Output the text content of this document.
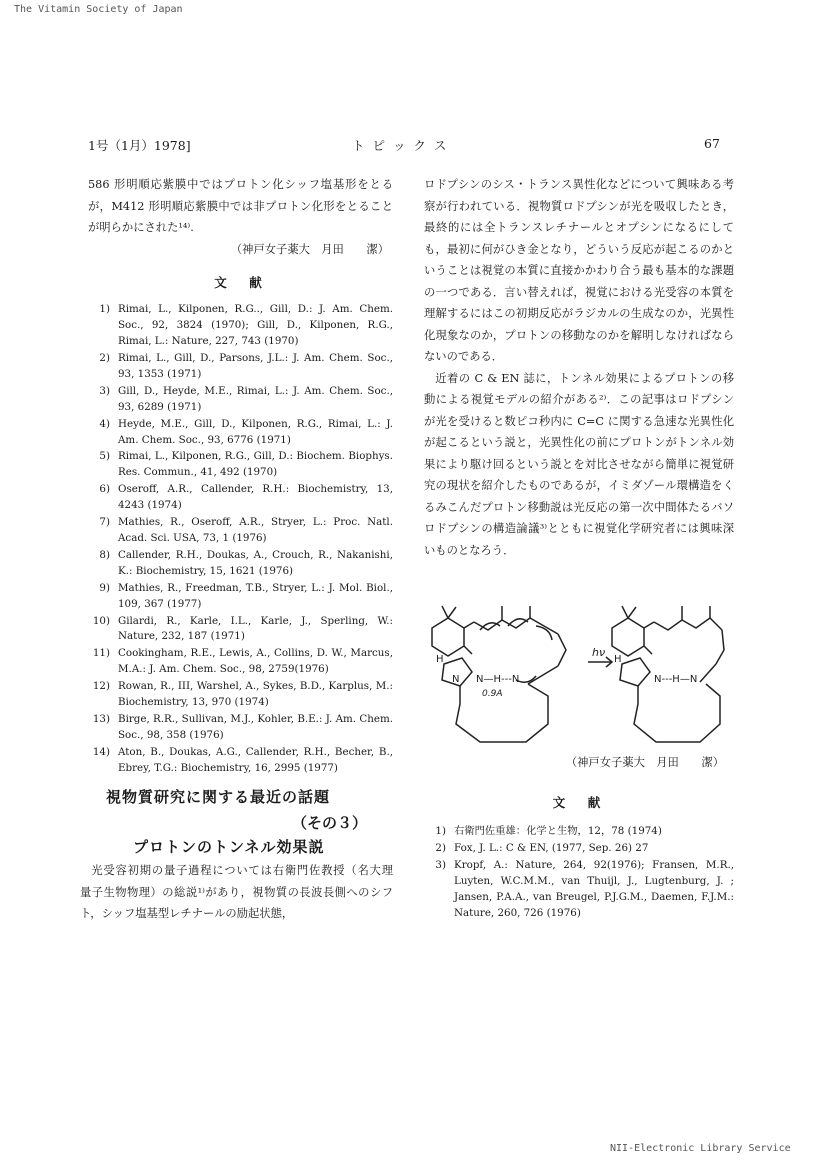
The Vitamin Society of Japan
1号（1月）1978]	ト ピ ッ ク ス	67
586 形明順応紫膜中ではプロトン化シッフ塩基形をとるが，M412 形明順応紫膜中では非プロトン化形をとることが明らかにされた¹⁴⁾.
（神戸女子薬大　月田　　潔）
文　献
1) Rimai, L., Kilponen, R.G.., Gill, D.: J. Am. Chem. Soc., 92, 3824 (1970); Gill, D., Kilponen, R.G., Rimai, L.: Nature, 227, 743 (1970)
2) Rimai, L., Gill, D., Parsons, J.L.: J. Am. Chem. Soc., 93, 1353 (1971)
3) Gill, D., Heyde, M.E., Rimai, L.: J. Am. Chem. Soc., 93, 6289 (1971)
4) Heyde, M.E., Gill, D., Kilponen, R.G., Rimai, L.: J. Am. Chem. Soc., 93, 6776 (1971)
5) Rimai, L., Kilponen, R.G., Gill, D.: Biochem. Biophys. Res. Commun., 41, 492 (1970)
6) Oseroff, A.R., Callender, R.H.: Biochemistry, 13, 4243 (1974)
7) Mathies, R., Oseroff, A.R., Stryer, L.: Proc. Natl. Acad. Sci. USA, 73, 1 (1976)
8) Callender, R.H., Doukas, A., Crouch, R., Nakanishi, K.: Biochemistry, 15, 1621 (1976)
9) Mathies, R., Freedman, T.B., Stryer, L.: J. Mol. Biol., 109, 367 (1977)
10) Gilardi, R., Karle, I.L., Karle, J., Sperling, W.: Nature, 232, 187 (1971)
11) Cookingham, R.E., Lewis, A., Collins, D. W., Marcus, M.A.: J. Am. Chem. Soc., 98, 2759(1976)
12) Rowan, R., III, Warshel, A., Sykes, B.D., Karplus, M.: Biochemistry, 13, 970 (1974)
13) Birge, R.R., Sullivan, M.J., Kohler, B.E.: J. Am. Chem. Soc., 98, 358 (1976)
14) Aton, B., Doukas, A.G., Callender, R.H., Becher, B., Ebrey, T.G.: Biochemistry, 16, 2995 (1977)
視物質研究に関する最近の話題
（その３）
プロトンのトンネル効果説
光受容初期の量子過程については右衛門佐教授（名大理　量子生物物理）の総説¹⁾があり，視物質の長波長側へのシフト，シッフ塩基型レチナールの励起状態，
ロドプシンのシス・トランス異性化などについて興味ある考察が行われている．視物質ロドプシンが光を吸収したとき，最終的には全トランスレチナールとオプシンになるにしても，最初に何がひき金となり，どういう反応が起こるのかということは視覚の本質に直接かかわり合う最も基本的な課題の一つである．言い替えれば，視覚における光受容の本質を理解するにはこの初期反応がラジカルの生成なのか，光異性化現象なのか，プロトンの移動なのかを解明しなければならないのである．
近着の C & EN 誌に，トンネル効果によるプロトンの移動による視覚モデルの紹介がある²⁾．この記事はロドプシンが光を受けると数ピコ秒内に C=C に関する急速な光異性化が起こるという説と，光異性化の前にプロトンがトンネル効果により駆け回るという説とを対比させながら簡単に視覚研究の現状を紹介したものであるが，イミダゾール環構造をくるみこんだプロトン移動説は光反応の第一次中間体たるバソロドプシンの構造論議³⁾とともに視覚化学研究者には興味深いものとなろう．
H
N N—H---N
0.9A
hν
H
N---H—N
（神戸女子薬大　月田　　潔）
文　献
1) 右衛門佐重雄：化学と生物，12，78 (1974)
2) Fox, J. L.: C & EN, (1977, Sep. 26) 27
3) Kropf, A.: Nature, 264, 92(1976); Fransen, M.R., Luyten, W.C.M.M., van Thuijl, J., Lugtenburg, J. ; Jansen, P.A.A., van Breugel, P.J.G.M., Daemen, F.J.M.: Nature, 260, 726 (1976)
NII-Electronic Library Service
